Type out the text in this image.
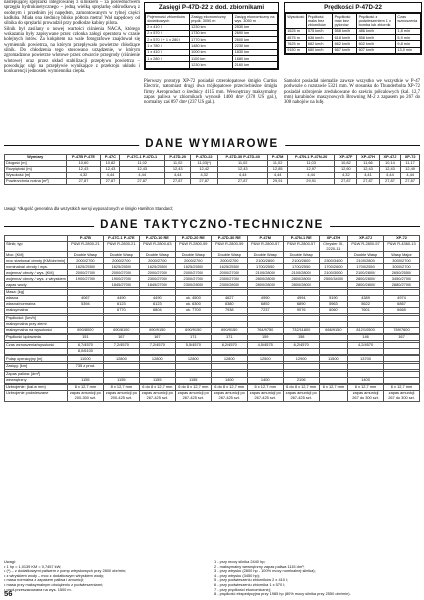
nastepującej sprężarki integrowanej z silnikiem – za pośrednictwem sprzęgła hydrokinetycznego – jedną wielką sprężarkę odśrodkową z osobnym i przednim jej napędem, zamontowanym w tylnej części kadłuba. Miała ona średnicę blisko półtora metra! Wał napędowy od silnika do sprężarki prowadził przy podłodze kabiny pilota.

Silnik był zasilany o nowej wartości ciśnienia NACA, którego wskazania były zapisywane przez członka załogi operatora w czasie kolejnych lotów. Za kokpitem na wale fotografowe znajdował się wymiennik powietrza, na którym przepływało powietrze chłodzące silnik. Do chłodzenia tego stosowano urządzenie, w którym zgromadzono powietrze wlotowe przez otwarcie przegrody (ciśnienie wlotowe) oraz przez układ stabilizacji przepływu powietrza – powodując ulgi na przepływie wynikające z przekroju układu i konkurencji jednostek wymiennika ciepła.

Zasięgi P-47D-22 z dod. zbiornikami
Pojemność zbiorników dodatkowych	Zasięg ekonomiczny prędk. 3050 m	Zasięg ekonomiczny na wys. 3050 m
2 x 410 l	1230 km	2530 km
2 x 570 l	1730 km	2690 km
2 x 570 l + 1 x 280 l	1770 km	2600 km
1 x 780 l	1480 km	2230 km
1 x 410 l	1000 km	1830 km
1 x 280 l	1100 km	1680 km
	1230 km	2160 km
Prędkości P-47D-22
Wysokość	Prędkość maks bez zbiorników	Prędkość max bez pylonów	Prędkość z podwieszeniem 1 x bomba lub zbiornik	Czas wznoszenia
1525 m	575 km/h	558 km/h	486 km/h	1,8 min
4575 m	636 km/h	618 km/h	558 km/h	5,9 min
7625 m	682 km/h	662 km/h	602 km/h	9,8 min
9150 m	680 km/h	667 km/h	607 km/h	13,0 min

Pierwszy prototyp XP-72 posiadał czterołopatowe śmigło Curtiss Electric, natomiast drugi dwa trójłopatowe przeciwbieżne śmigła firmy Aeroproduct o średnicy 4115 mm. Wewnętrzny maksymalny zapas paliwa w zbiornikach wynosił 1400 dm³ (370 US gal.), normalny zaś 897 dm³ (237 US gal.).

Samolot posiadał niemalże zawsze wszystko we wszystkie w P-47 podwozie o rozstawie 5321 mm. W stosunku do Thunderbolta XP-72 posiadał uzbrojenie zredukowane do sześciu półcalowych (kal. 12,7 mm) karabinów maszynowych Browning M-2 z zapasem po 267 do 300 nabojów na lufę.

DANE WYMIAROWE
Wymiary	P-47B P-47E	P-47C	P-47C-1 P-47D-1	P-47D-20	P-47D-22	P-47D-30 P-47D-40	P-47M	P-47N-1 P-47N-20	XP-47F	XP-47H	XP-47J	XP-72
Długość [m]	10,60	10,82	11,02	11,02	11,03(*)	11,02	11,02	11,03	10,82	11,66	10,14	11,17
Rozpiętość [m]	12,43	12,43	12,43	12,43	12,42	12,43	12,85	12,97	12,60	12,43	12,43	12,49
Wysokość [m]	4,32	4,44	4,44	4,44	4,32	4,44	4,44	4,44	4,32	4,41	4,44	4,44
Powierzchnia nośna [m²]	27,87	27,87	27,87	27,87	27,87	27,87	29,91	29,91	27,87	27,87	27,87	27,87
Uwagi: *długość generalna dla wszystkich wersji wyposażonych w śmigło Hamilton Standard;
DANE TAKTYCZNO-TECHNICZNE
	P-47B	P-47C-1 P-47E	P-47D-10 RE	P-47D-20 RE	P-47D-30 RE	P-47M	P-47N-1 RE	XP-47H	XP-47J	XP-72
Silnik; typ	P&W R-2800-21	P&W R-2800-21	P&W R-2800-63	P&W R-2800-59	P&W R-2800-59	P&W R-2800-57	P&W R-2800-57	Chrysler XI-2220-11	P&W R-2800-57	P&W R-4360-13
Moc: [KM]	Double Wasp	Double Wasp	Double Wasp	Double Wasp	Double Wasp	Double Wasp	Double Wasp		Double Wasp	Wasp Major
moc startowa/ obroty [KM/obr/min]	2000/2700	2000/2700	2000/2700	2000/2700	2000/2700	2100/2800	2100/2800	2300/3400	2100/2800	3000/2700
nominalna/ obroty / wys.	1625/2550/	1625/2550/	1625/2550/	1625/2550/	1625/2550/	1700/2550	1700/2550	1700/2600	1700/2550	3000/2700
wojenna/ obroty / wys. [KM]	2000/2700/	2000/2700/	2000/2700/	2000/2700/	2000/2700/	2100/2800/	2100/2800/	2100/3000	2100/2800/	2650/2550/
wojenna/ obroty / wys. z wtryskiem	1900/2700/	1900/2700/	2300/2700/	2300/2700/	2300/2700/	2800/2800/	2800/2800/	2500/3400/	2800/2800/	3450/2700/
zapas wody		1845/2700/	1845/2700/	2300/2800/	2300/2800/	2800/2800/	2800/2800/		2800/2800/	2880/2700/

Masa: [kg]										
własna	4067	4490	4490	ok. 4500	4627	4990	4994	5190	4389	4974
własna/normalna	5394	6123	6123	ok. 6300	6380	6892	6890	5963	5622	6867
maksymalna		6770	6804	ok. 7700	7938	7237	9076	6060	7601	6665

Prędkości: [km/h]										
maksymalna przy ziemi										
maksymalna na wysokości	690/8000	690/8100	690/9150	690/9150	690/9150	764/9750	732/11800	666/9150	812/10500	789/7600

Prędkość lądowania	151	167	167	171	171	159	158		146	167

Czas wznoszenia/wysokość	6,7/4570	7,2/4570	7,2/4570	5,5/4570	6,2/4570	4,5/4575	6,2/4570		4,2/4570	
	8,0/6100									

Pułap operacyjny [m]	11000	12800	12800	12800	12800	12500	12900	11500	13700	

Zasięg: [km]	735 z prod.									

Zapas paliwa: [dm³]										
wewnętrzny	1155	1155	1155	1155	1400	1400	2106		1400	

Uzbrojenie: (kal.w mm)	8 x 12,7 mm	8 x 12,7 mm	6 do 8 x 12,7 mm	6 do 8 x 12,7 mm	6 do 8 x 12,7 mm	6 x 12,7 mm	6 do 8 x 12,7 mm	6 x 12,7 mm	6 x 12,7 mm	6 x 12,7 mm
Uzbrojenie podwieszane	zapas amunicji po 200-300 szt.	zapas amunicji po 200-425 szt.	zapas amunicji po 267-425 szt.	zapas amunicji po 267-425 szt.	zapas amunicji po 267-425 szt.	zapas amunicji po 267-425 szt.	zapas amunicji po 267-425 szt.		zapas amunicji 267 do 300 szt.	zapas amunicji 267 do 300 szt.
Uwagi:
• 1 hp = 1,0139 KM = 0,7457 kW;
• (*) – z dodatkowymi paliwem z pomp wtryskowych przy 2800 obr/min;
• z wtryskiem wody – moc z dodatkowym wtryskiem wody;
• masa normalna z zapasem paliwa i amunicji;
• masa przy maksymalnym obciążeniu z podwieszeniami;
• pręd.przeszacowana na wys. 1500 m.
1 - przy mocy silnika 2440 hp;
2 - maksymalny wewnętrzny zapas paliwa 1115 dm³;
3 - przy wtrysku (2800 hp - 100% mocy nominalnej silnika);
4 - przy wtrysku (3450 hp);
5 - przy podwieszeniu zbiorników 2 x 410 l;
6 - przy podwieszeniu zbiornika 1 x 570 l;
7 - przy prędkości ekonomicznej;
8 - prędkość ekspedycyjna przy 1985 hp (80% mocy silnika przy 2550 obr/min).
56
